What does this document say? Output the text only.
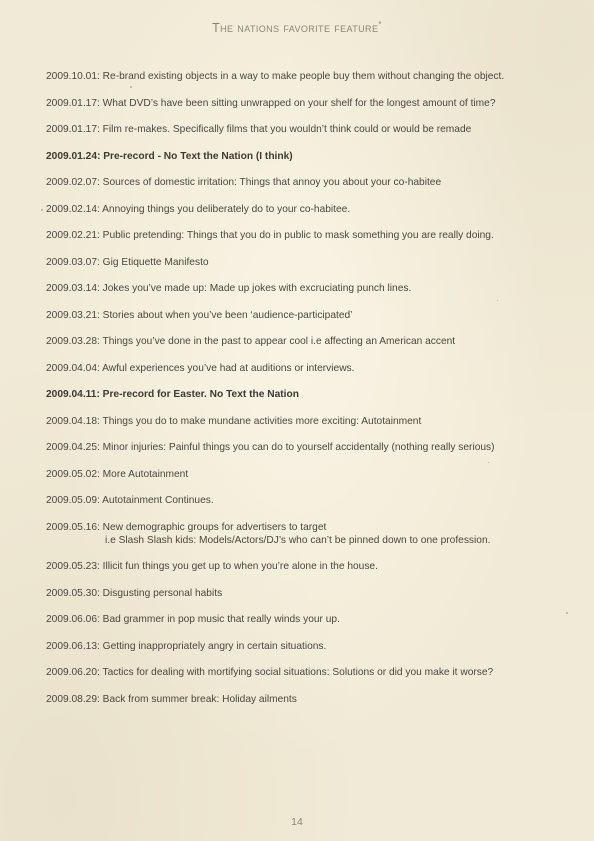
The nations favorite feature*
2009.10.01: Re-brand existing objects in a way to make people buy them without changing the object.
2009.01.17: What DVD’s have been sitting unwrapped on your shelf for the longest amount of time?
2009.01.17: Film re-makes. Specifically films that you wouldn’t think could or would be remade
2009.01.24: Pre-record - No Text the Nation (I think)
2009.02.07: Sources of domestic irritation: Things that annoy you about your co-habitee
2009.02.14: Annoying things you deliberately do to your co-habitee.
2009.02.21: Public pretending: Things that you do in public to mask something you are really doing.
2009.03.07: Gig Etiquette Manifesto
2009.03.14: Jokes you’ve made up: Made up jokes with excruciating punch lines.
2009.03.21: Stories about when you’ve been ‘audience-participated’
2009.03.28: Things you’ve done in the past to appear cool i.e affecting an American accent
2009.04.04: Awful experiences you’ve had at auditions or interviews.
2009.04.11: Pre-record for Easter. No Text the Nation
2009.04.18: Things you do to make mundane activities more exciting: Autotainment
2009.04.25: Minor injuries: Painful things you can do to yourself accidentally (nothing really serious)
2009.05.02: More Autotainment
2009.05.09: Autotainment Continues.
2009.05.16: New demographic groups for advertisers to target
i.e Slash Slash kids: Models/Actors/DJ’s who can’t be pinned down to one profession.
2009.05.23: Illicit fun things you get up to when you’re alone in the house.
2009.05.30: Disgusting personal habits
2009.06.06: Bad grammer in pop music that really winds your up.
2009.06.13: Getting inappropriately angry in certain situations.
2009.06.20: Tactics for dealing with mortifying social situations: Solutions or did you make it worse?
2009.08.29: Back from summer break: Holiday ailments
14
